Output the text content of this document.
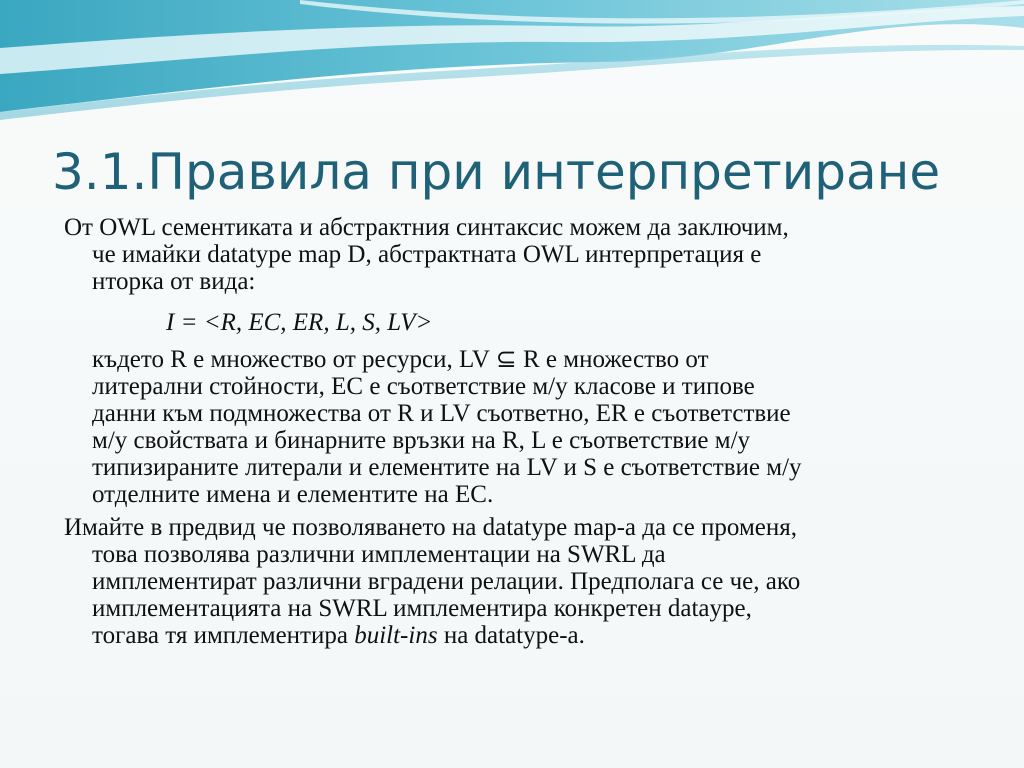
3.1.Правила при интерпретиране
От OWL сементиката и абстрактния синтаксис можем да заключим,
че имайки datatype map D, абстрактната OWL интерпретация е
нторка от вида:
I = <R, EC, ER, L, S, LV>
където R е множество от ресурси, LV ⊆ R е множество от
литерални стойности, EC е съответствие м/у класове и типове
данни към подмножества от R и LV съответно, ER е съответствие
м/у свойствата и бинарните връзки на R, L е съответствие м/у
типизираните литерали и елементите на LV и S е съответствие м/у
отделните имена и елементите на EC.
Имайте в предвид че позволяването на datatype map-а да се променя,
това позволява различни имплементации на SWRL да
имплементират различни вградени релации. Предполага се че, ако
имплементацията на SWRL имплементира конкретен datayре,
тогава тя имплементира built-ins на datatype-а.
